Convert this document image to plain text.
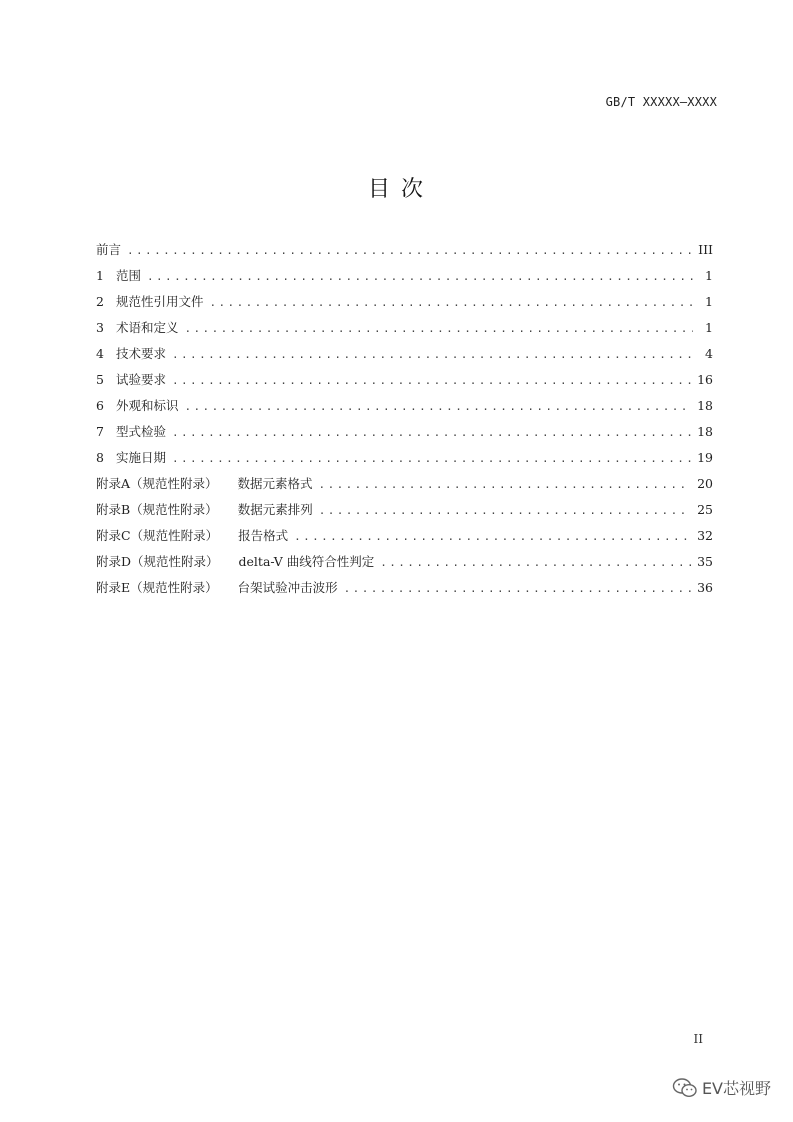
GB/T XXXXX—XXXX
目 次
前言 .....	III
1 范围 .....	1
2 规范性引用文件 .....	1
3 术语和定义 .....	1
4 技术要求 .....	4
5 试验要求 .....	16
6 外观和标识 .....	18
7 型式检验 .....	18
8 实施日期 .....	19
附录A（规范性附录） 数据元素格式 .....	20
附录B（规范性附录） 数据元素排列 .....	25
附录C（规范性附录） 报告格式 .....	32
附录D（规范性附录） delta-V 曲线符合性判定 .....	35
附录E（规范性附录） 台架试验冲击波形 .....	36
II
EV芯视野
